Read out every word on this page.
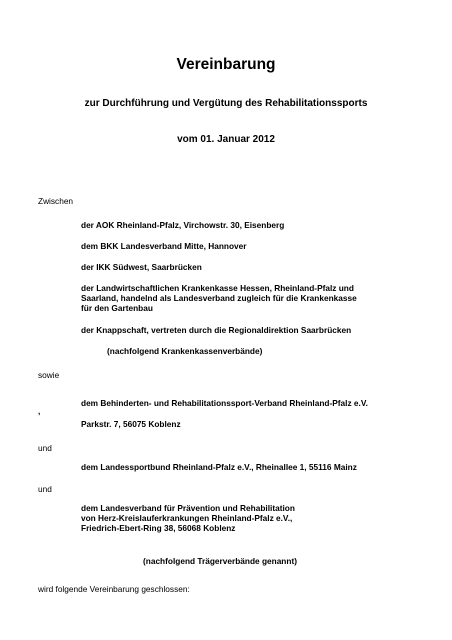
Vereinbarung
zur Durchführung und Vergütung des Rehabilitationssports
vom 01. Januar 2012
Zwischen
der AOK Rheinland-Pfalz, Virchowstr. 30, Eisenberg
dem BKK Landesverband Mitte, Hannover
der IKK Südwest, Saarbrücken
der Landwirtschaftlichen Krankenkasse Hessen, Rheinland-Pfalz und
Saarland, handelnd als Landesverband zugleich für die Krankenkasse
für den Gartenbau
der Knappschaft, vertreten durch die Regionaldirektion Saarbrücken
(nachfolgend Krankenkassenverbände)
sowie
dem Behinderten- und Rehabilitationssport-Verband Rheinland-Pfalz e.V.
,
Parkstr. 7, 56075 Koblenz
und
dem Landessportbund Rheinland-Pfalz e.V., Rheinallee 1, 55116 Mainz
und
dem Landesverband für Prävention und Rehabilitation
von Herz-Kreislauferkrankungen Rheinland-Pfalz e.V.,
Friedrich-Ebert-Ring 38, 56068 Koblenz
(nachfolgend Trägerverbände genannt)
wird folgende Vereinbarung geschlossen:
